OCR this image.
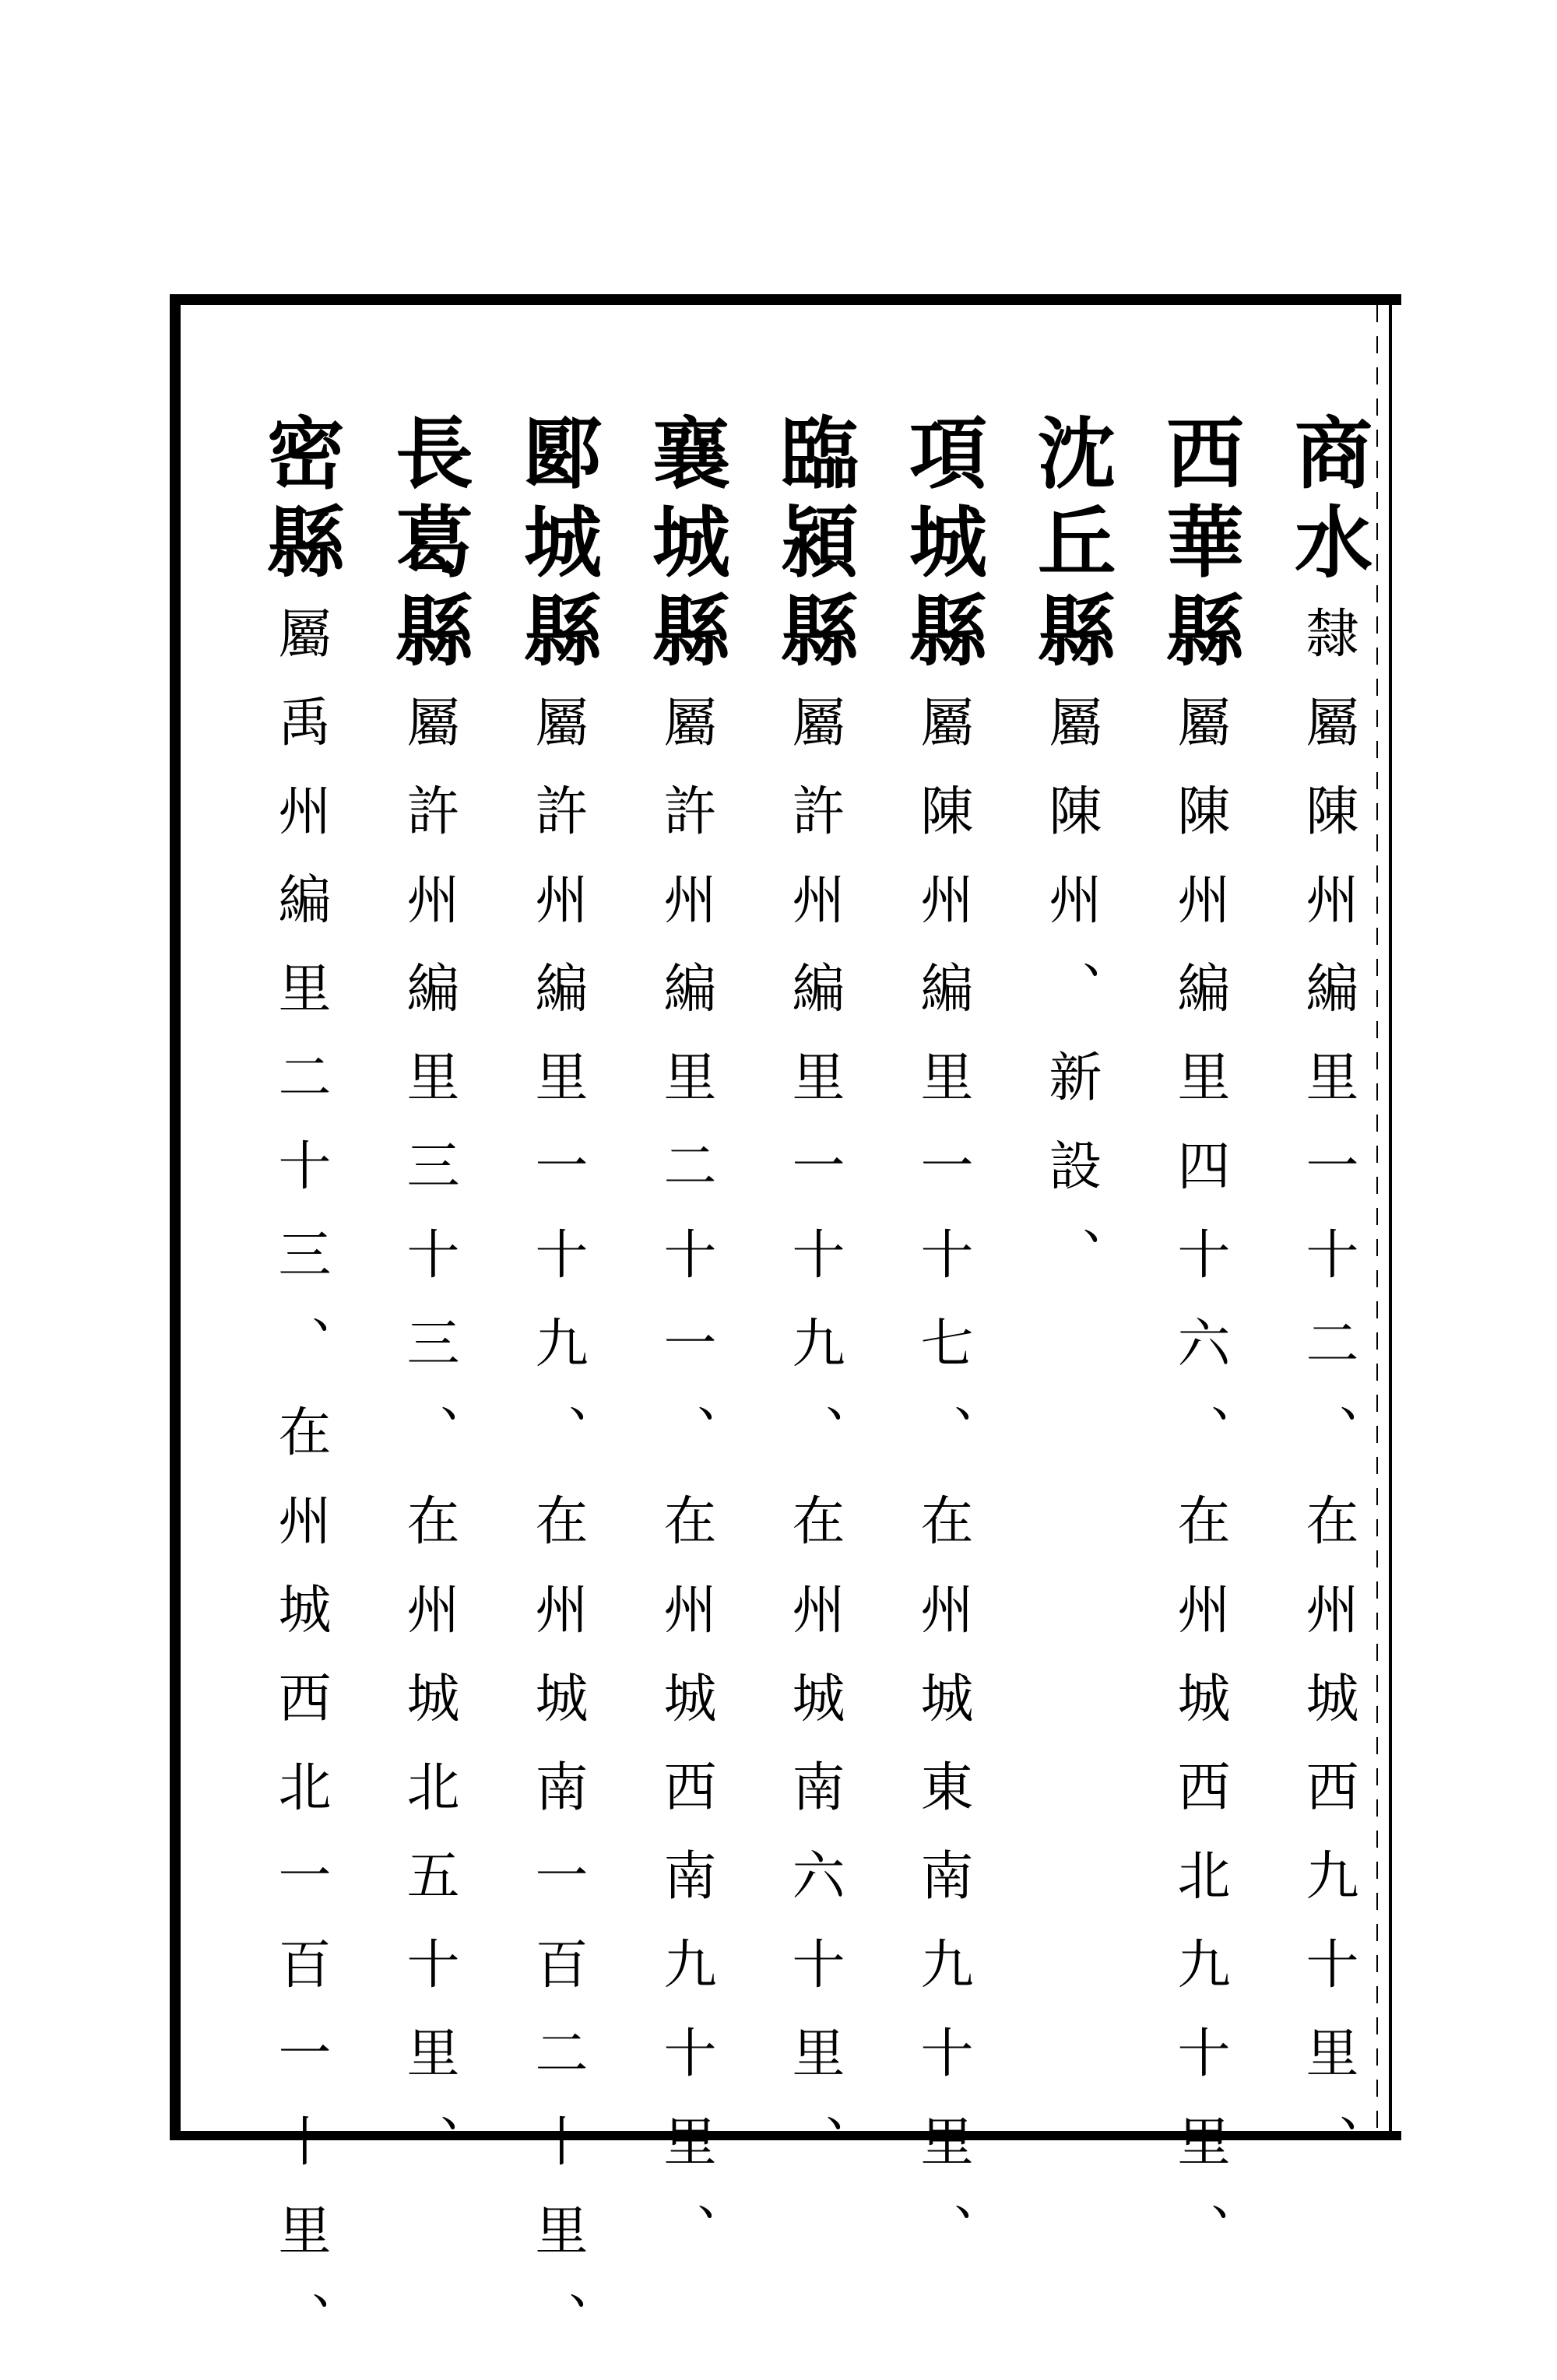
商水
隸屬陳州編里一十二、在州城西九十里、
西華縣
屬陳州編里四十六、在州城西北九十里、
沈丘縣
屬陳州、新設、
項城縣
屬陳州編里一十七、在州城東南九十里、
臨潁縣
屬許州編里一十九、在州城南六十里、
襄城縣
屬許州編里二十一、在州城西南九十里、
郾城縣
屬許州編里一十九、在州城南一百二十里、
長葛縣
屬許州編里三十三、在州城北五十里、
密縣
屬禹州編里二十三、在州城西北一百一十里、
